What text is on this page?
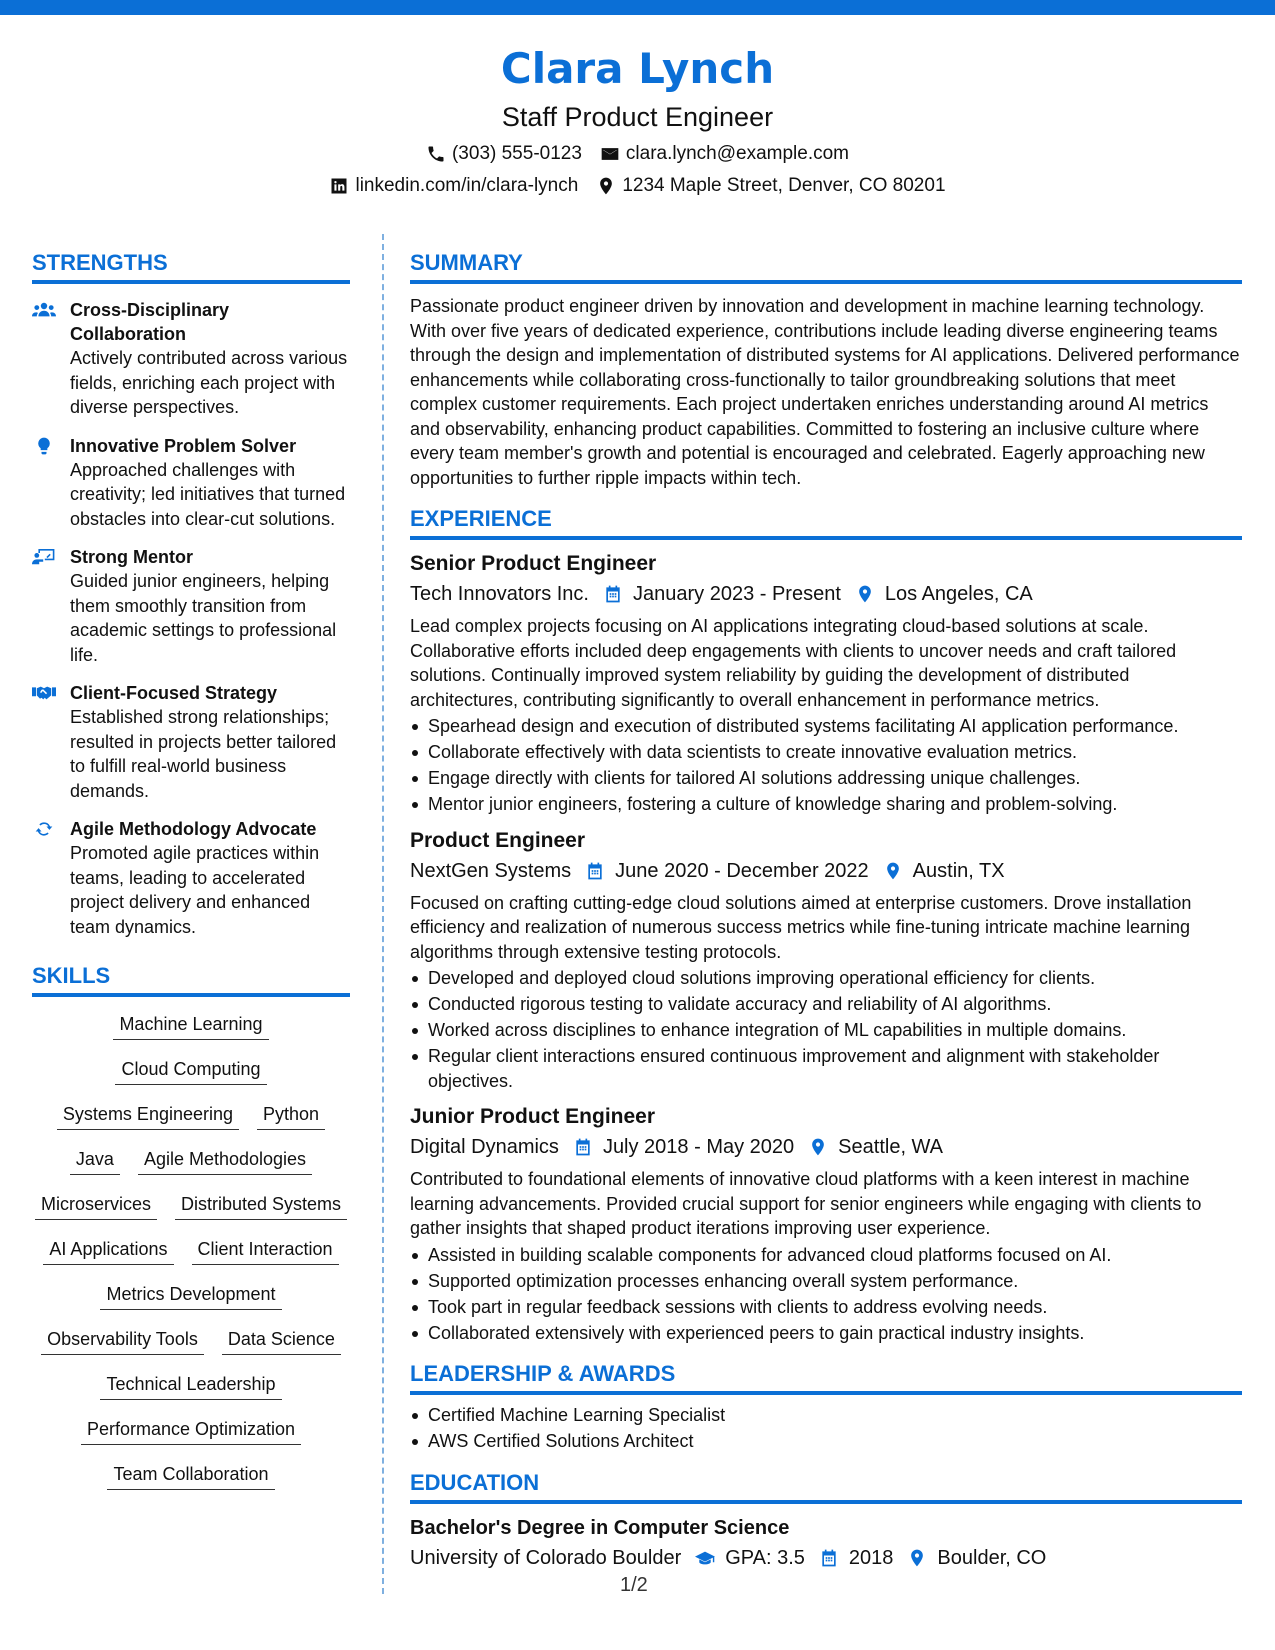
Clara Lynch
Staff Product Engineer
(303) 555-0123 clara.lynch@example.com
linkedin.com/in/clara-lynch 1234 Maple Street, Denver, CO 80201
STRENGTHS
Cross-Disciplinary Collaboration
Actively contributed across various fields, enriching each project with diverse perspectives.
Innovative Problem Solver
Approached challenges with creativity; led initiatives that turned obstacles into clear-cut solutions.
Strong Mentor
Guided junior engineers, helping them smoothly transition from academic settings to professional life.
Client-Focused Strategy
Established strong relationships; resulted in projects better tailored to fulfill real-world business demands.
Agile Methodology Advocate
Promoted agile practices within teams, leading to accelerated project delivery and enhanced team dynamics.
SKILLS
Machine Learning
Cloud Computing
Systems Engineering	Python
Java	Agile Methodologies
Microservices	Distributed Systems
AI Applications	Client Interaction
Metrics Development
Observability Tools	Data Science
Technical Leadership
Performance Optimization
Team Collaboration
SUMMARY
Passionate product engineer driven by innovation and development in machine learning technology. With over five years of dedicated experience, contributions include leading diverse engineering teams through the design and implementation of distributed systems for AI applications. Delivered performance enhancements while collaborating cross-functionally to tailor groundbreaking solutions that meet complex customer requirements. Each project undertaken enriches understanding around AI metrics and observability, enhancing product capabilities. Committed to fostering an inclusive culture where every team member's growth and potential is encouraged and celebrated. Eagerly approaching new opportunities to further ripple impacts within tech.
EXPERIENCE
Senior Product Engineer
Tech Innovators Inc. January 2023 - Present Los Angeles, CA
Lead complex projects focusing on AI applications integrating cloud-based solutions at scale. Collaborative efforts included deep engagements with clients to uncover needs and craft tailored solutions. Continually improved system reliability by guiding the development of distributed architectures, contributing significantly to overall enhancement in performance metrics.
Spearhead design and execution of distributed systems facilitating AI application performance.
Collaborate effectively with data scientists to create innovative evaluation metrics.
Engage directly with clients for tailored AI solutions addressing unique challenges.
Mentor junior engineers, fostering a culture of knowledge sharing and problem-solving.
Product Engineer
NextGen Systems June 2020 - December 2022 Austin, TX
Focused on crafting cutting-edge cloud solutions aimed at enterprise customers. Drove installation efficiency and realization of numerous success metrics while fine-tuning intricate machine learning algorithms through extensive testing protocols.
Developed and deployed cloud solutions improving operational efficiency for clients.
Conducted rigorous testing to validate accuracy and reliability of AI algorithms.
Worked across disciplines to enhance integration of ML capabilities in multiple domains.
Regular client interactions ensured continuous improvement and alignment with stakeholder objectives.
Junior Product Engineer
Digital Dynamics July 2018 - May 2020 Seattle, WA
Contributed to foundational elements of innovative cloud platforms with a keen interest in machine learning advancements. Provided crucial support for senior engineers while engaging with clients to gather insights that shaped product iterations improving user experience.
Assisted in building scalable components for advanced cloud platforms focused on AI.
Supported optimization processes enhancing overall system performance.
Took part in regular feedback sessions with clients to address evolving needs.
Collaborated extensively with experienced peers to gain practical industry insights.
LEADERSHIP & AWARDS
Certified Machine Learning Specialist
AWS Certified Solutions Architect
EDUCATION
Bachelor's Degree in Computer Science
University of Colorado Boulder GPA: 3.5 2018 Boulder, CO
1/2
